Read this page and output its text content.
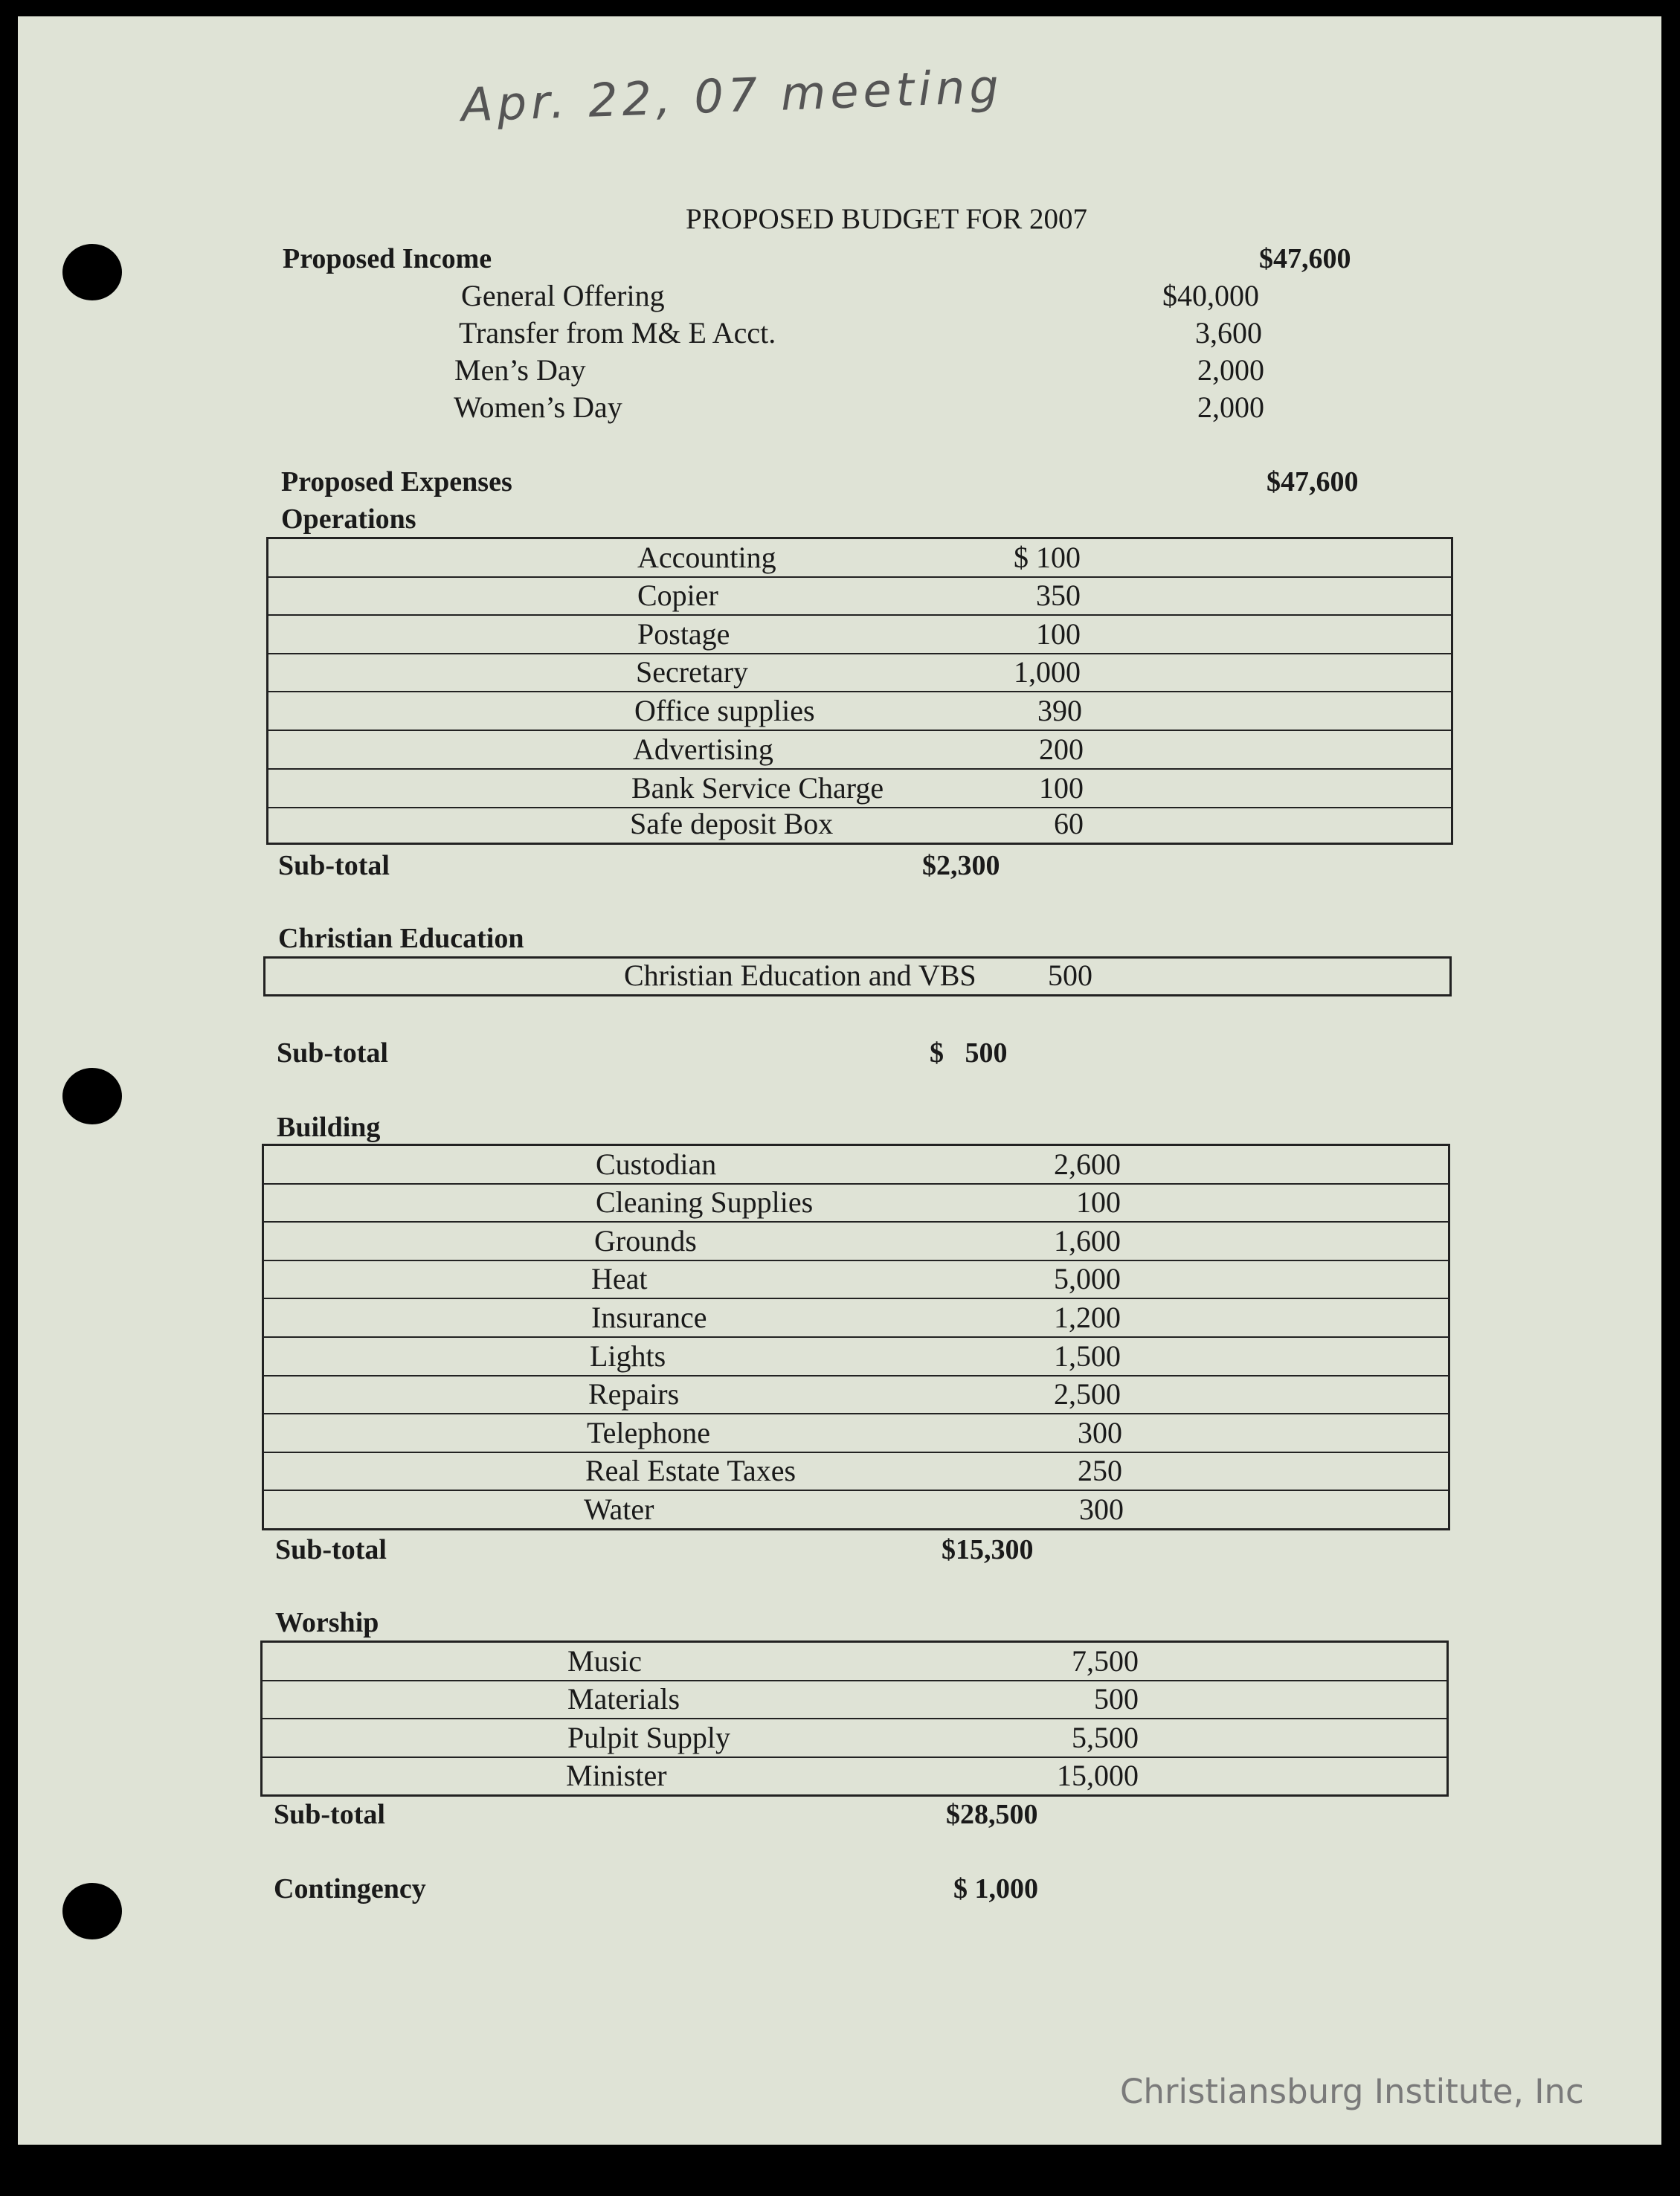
Apr. 22, 07 meeting
PROPOSED BUDGET FOR 2007
Proposed Income	$47,600
General Offering	$40,000
Transfer from M& E Acct.	3,600
Men’s Day	2,000
Women’s Day	2,000
Proposed Expenses	$47,600
Operations
Accounting	$ 100
Copier	350
Postage	100
Secretary	1,000
Office supplies	390
Advertising	200
Bank Service Charge	100
Safe deposit Box	60
Sub-total	$2,300
Christian Education
Christian Education and VBS 500
Sub-total	$   500
Building
Custodian	2,600
Cleaning Supplies	100
Grounds	1,600
Heat	5,000
Insurance	1,200
Lights	1,500
Repairs	2,500
Telephone	300
Real Estate Taxes	250
Water	300
Sub-total	$15,300
Worship
Music	7,500
Materials	500
Pulpit Supply	5,500
Minister	15,000
Sub-total	$28,500
Contingency	$ 1,000
Christiansburg Institute, Inc
